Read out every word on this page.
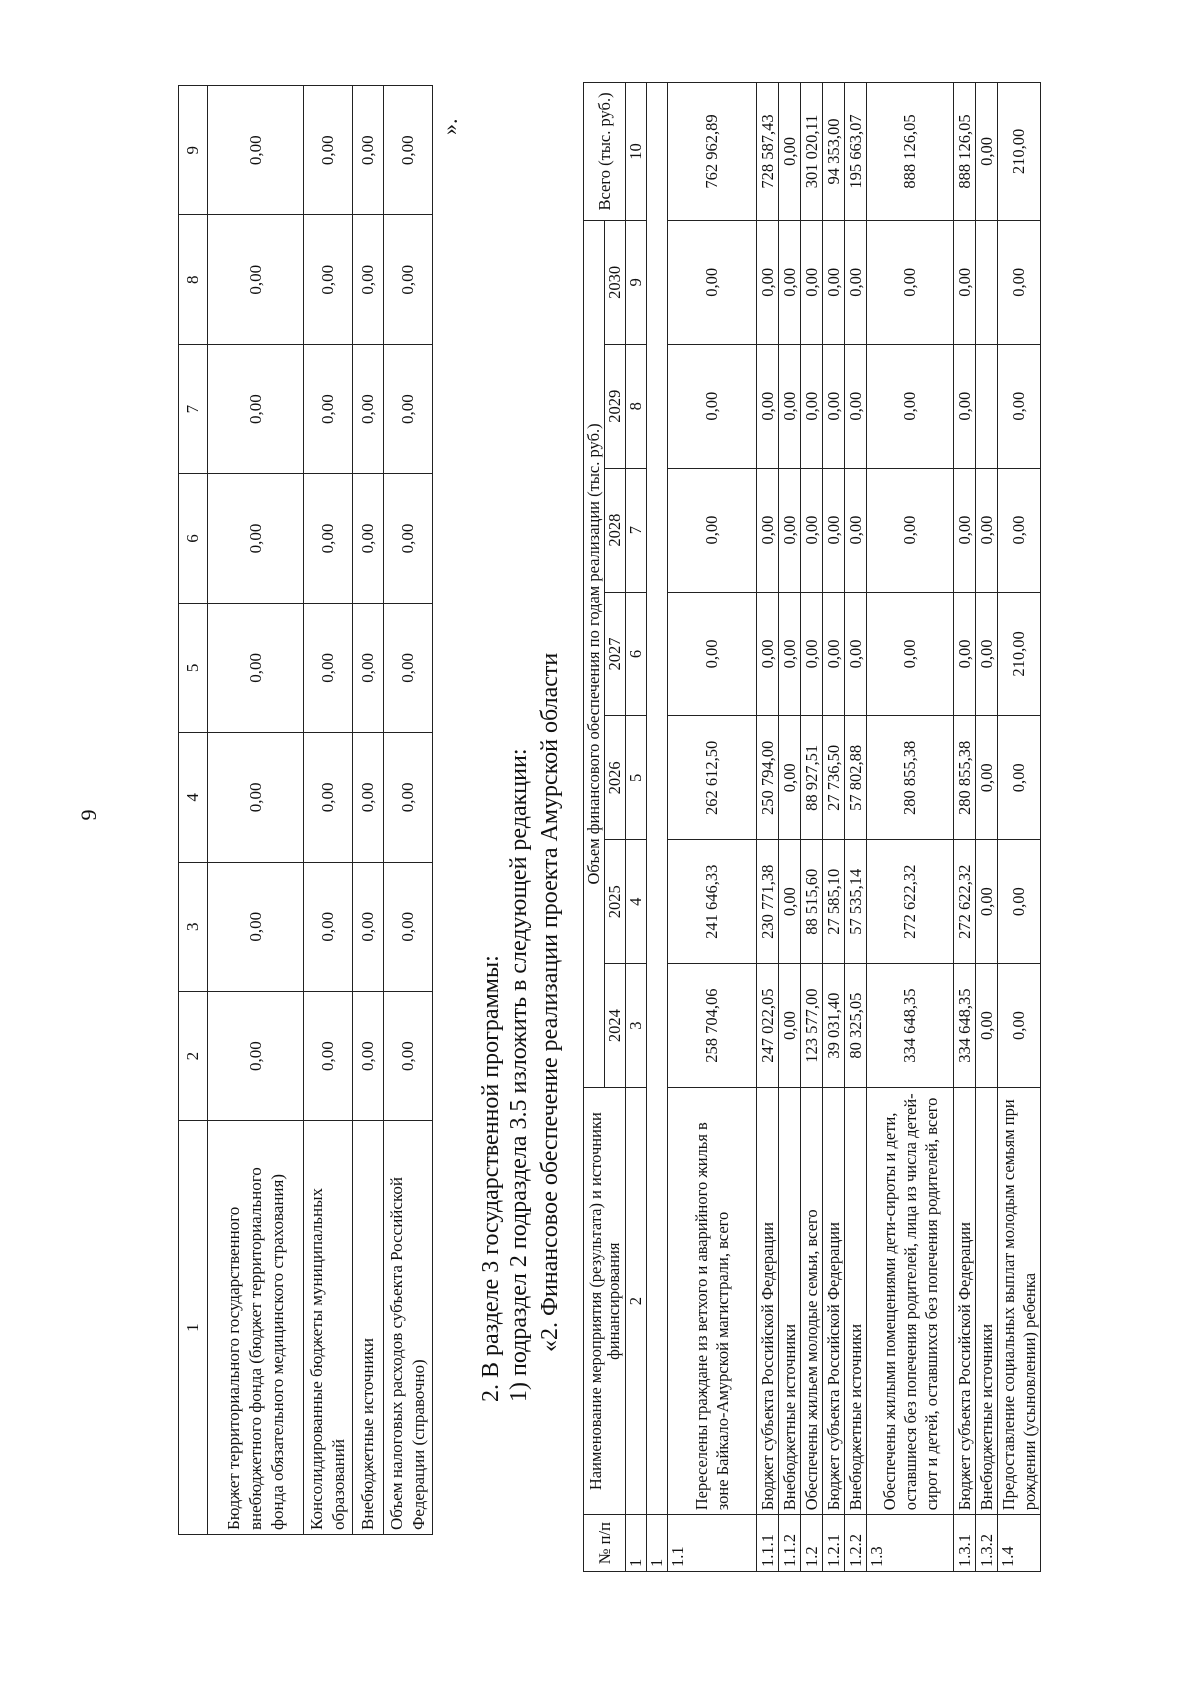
9
1	2	3	4	5	6	7	8	9
Бюджет территориального государственного внебюджетного фонда (бюджет территориального фонда обязательного медицинского страхования)	0,00	0,00	0,00	0,00	0,00	0,00	0,00	0,00
Консолидированные бюджеты муниципальных образований	0,00	0,00	0,00	0,00	0,00	0,00	0,00	0,00
Внебюджетные источники	0,00	0,00	0,00	0,00	0,00	0,00	0,00	0,00
Объем налоговых расходов субъекта Российской Федерации (справочно)	0,00	0,00	0,00	0,00	0,00	0,00	0,00	0,00
».
2. В разделе 3 государственной программы: 1) подраздел 2 подраздела 3.5 изложить в следующей редакции: «2. Финансовое обеспечение реализации проекта Амурской области
№ п/п	Наименование мероприятия (результата) и источники финансирования	Объем финансового обеспечения по годам реализации (тыс. руб.)							Всего (тыс. руб.)
		2024	2025	2026	2027	2028	2029	2030	
1	2	3	4	5	6	7	8	9	10
1									
1.1	Переселены граждане из ветхого и аварийного жилья в зоне Байкало-Амурской магистрали, всего	258 704,06	241 646,33	262 612,50	0,00	0,00	0,00	0,00	762 962,89
1.1.1	Бюджет субъекта Российской Федерации	247 022,05	230 771,38	250 794,00	0,00	0,00	0,00	0,00	728 587,43
1.1.2	Внебюджетные источники	0,00	0,00	0,00	0,00	0,00	0,00	0,00	0,00
1.2	Обеспечены жильем молодые семьи, всего	123 577,00	88 515,60	88 927,51	0,00	0,00	0,00	0,00	301 020,11
1.2.1	Бюджет субъекта Российской Федерации	39 031,40	27 585,10	27 736,50	0,00	0,00	0,00	0,00	94 353,00
1.2.2	Внебюджетные источники	80 325,05	57 535,14	57 802,88	0,00	0,00	0,00	0,00	195 663,07
1.3	Обеспечены жилыми помещениями дети-сироты и дети, оставшиеся без попечения родителей, лица из числа детей-сирот и детей, оставшихся без попечения родителей, всего	334 648,35	272 622,32	280 855,38	0,00	0,00	0,00	0,00	888 126,05
1.3.1	Бюджет субъекта Российской Федерации	334 648,35	272 622,32	280 855,38	0,00	0,00	0,00	0,00	888 126,05
1.3.2	Внебюджетные источники	0,00	0,00	0,00	0,00	0,00			0,00
1.4	Предоставление социальных выплат молодым семьям при рождении (усыновлении) ребенка	0,00	0,00	0,00	210,00	0,00	0,00	0,00	210,00
